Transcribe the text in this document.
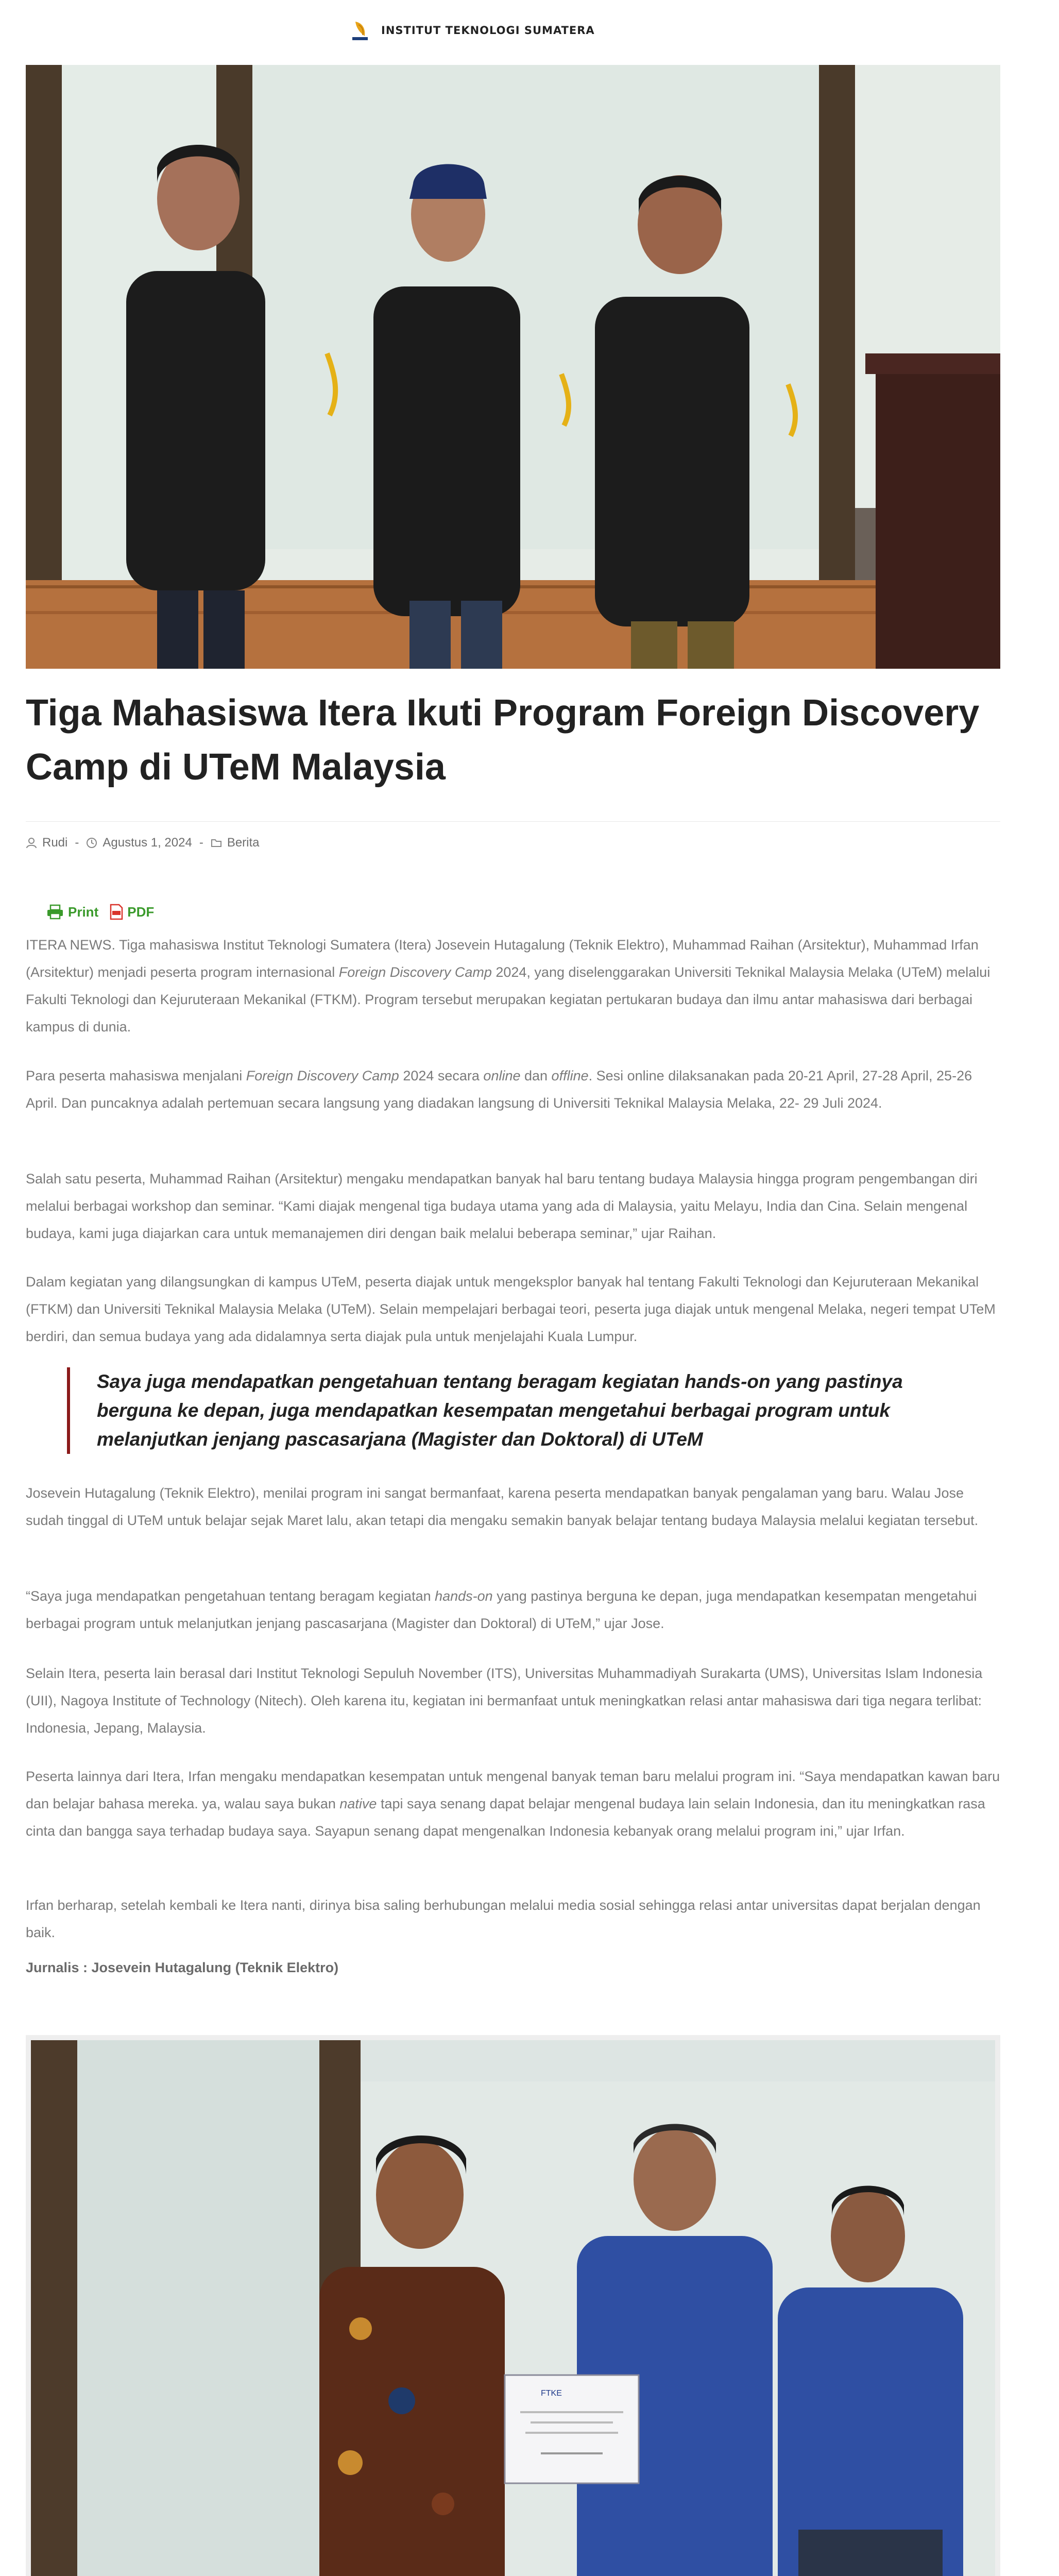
INSTITUT TEKNOLOGI SUMATERA
Tiga Mahasiswa Itera Ikuti Program Foreign Discovery Camp di UTeM Malaysia
Rudi - Agustus 1, 2024 - Berita
Print PDF

ITERA NEWS. Tiga mahasiswa Institut Teknologi Sumatera (Itera) Josevein Hutagalung (Teknik Elektro), Muhammad Raihan (Arsitektur), Muhammad Irfan (Arsitektur) menjadi peserta program internasional Foreign Discovery Camp 2024, yang diselenggarakan Universiti Teknikal Malaysia Melaka (UTeM) melalui Fakulti Teknologi dan Kejuruteraan Mekanikal (FTKM). Program tersebut merupakan kegiatan pertukaran budaya dan ilmu antar mahasiswa dari berbagai kampus di dunia.

Para peserta mahasiswa menjalani Foreign Discovery Camp 2024 secara online dan offline. Sesi online dilaksanakan pada 20-21 April, 27-28 April, 25-26 April. Dan puncaknya adalah pertemuan secara langsung yang diadakan langsung di Universiti Teknikal Malaysia Melaka, 22- 29 Juli 2024.

Salah satu peserta, Muhammad Raihan (Arsitektur) mengaku mendapatkan banyak hal baru tentang budaya Malaysia hingga program pengembangan diri melalui berbagai workshop dan seminar. “Kami diajak mengenal tiga budaya utama yang ada di Malaysia, yaitu Melayu, India dan Cina. Selain mengenal budaya, kami juga diajarkan cara untuk memanajemen diri dengan baik melalui beberapa seminar,” ujar Raihan.

Dalam kegiatan yang dilangsungkan di kampus UTeM, peserta diajak untuk mengeksplor banyak hal tentang Fakulti Teknologi dan Kejuruteraan Mekanikal (FTKM) dan Universiti Teknikal Malaysia Melaka (UTeM). Selain mempelajari berbagai teori, peserta juga diajak untuk mengenal Melaka, negeri tempat UTeM berdiri, dan semua budaya yang ada didalamnya serta diajak pula untuk menjelajahi Kuala Lumpur.

Saya juga mendapatkan pengetahuan tentang beragam kegiatan hands-on yang pastinya berguna ke depan, juga mendapatkan kesempatan mengetahui berbagai program untuk melanjutkan jenjang pascasarjana (Magister dan Doktoral) di UTeM

Josevein Hutagalung (Teknik Elektro), menilai program ini sangat bermanfaat, karena peserta mendapatkan banyak pengalaman yang baru. Walau Jose sudah tinggal di UTeM untuk belajar sejak Maret lalu, akan tetapi dia mengaku semakin banyak belajar tentang budaya Malaysia melalui kegiatan tersebut.

“Saya juga mendapatkan pengetahuan tentang beragam kegiatan hands-on yang pastinya berguna ke depan, juga mendapatkan kesempatan mengetahui berbagai program untuk melanjutkan jenjang pascasarjana (Magister dan Doktoral) di UTeM,” ujar Jose.

Selain Itera, peserta lain berasal dari Institut Teknologi Sepuluh November (ITS), Universitas Muhammadiyah Surakarta (UMS), Universitas Islam Indonesia (UII), Nagoya Institute of Technology (Nitech). Oleh karena itu, kegiatan ini bermanfaat untuk meningkatkan relasi antar mahasiswa dari tiga negara terlibat: Indonesia, Jepang, Malaysia.

Peserta lainnya dari Itera, Irfan mengaku mendapatkan kesempatan untuk mengenal banyak teman baru melalui program ini. “Saya mendapatkan kawan baru dan belajar bahasa mereka. ya, walau saya bukan native tapi saya senang dapat belajar mengenal budaya lain selain Indonesia, dan itu meningkatkan rasa cinta dan bangga saya terhadap budaya saya. Sayapun senang dapat mengenalkan Indonesia kebanyak orang melalui program ini,” ujar Irfan.

Irfan berharap, setelah kembali ke Itera nanti, dirinya bisa saling berhubungan melalui media sosial sehingga relasi antar universitas dapat berjalan dengan baik.

Jurnalis : Josevein Hutagalung (Teknik Elektro)
FTKE
